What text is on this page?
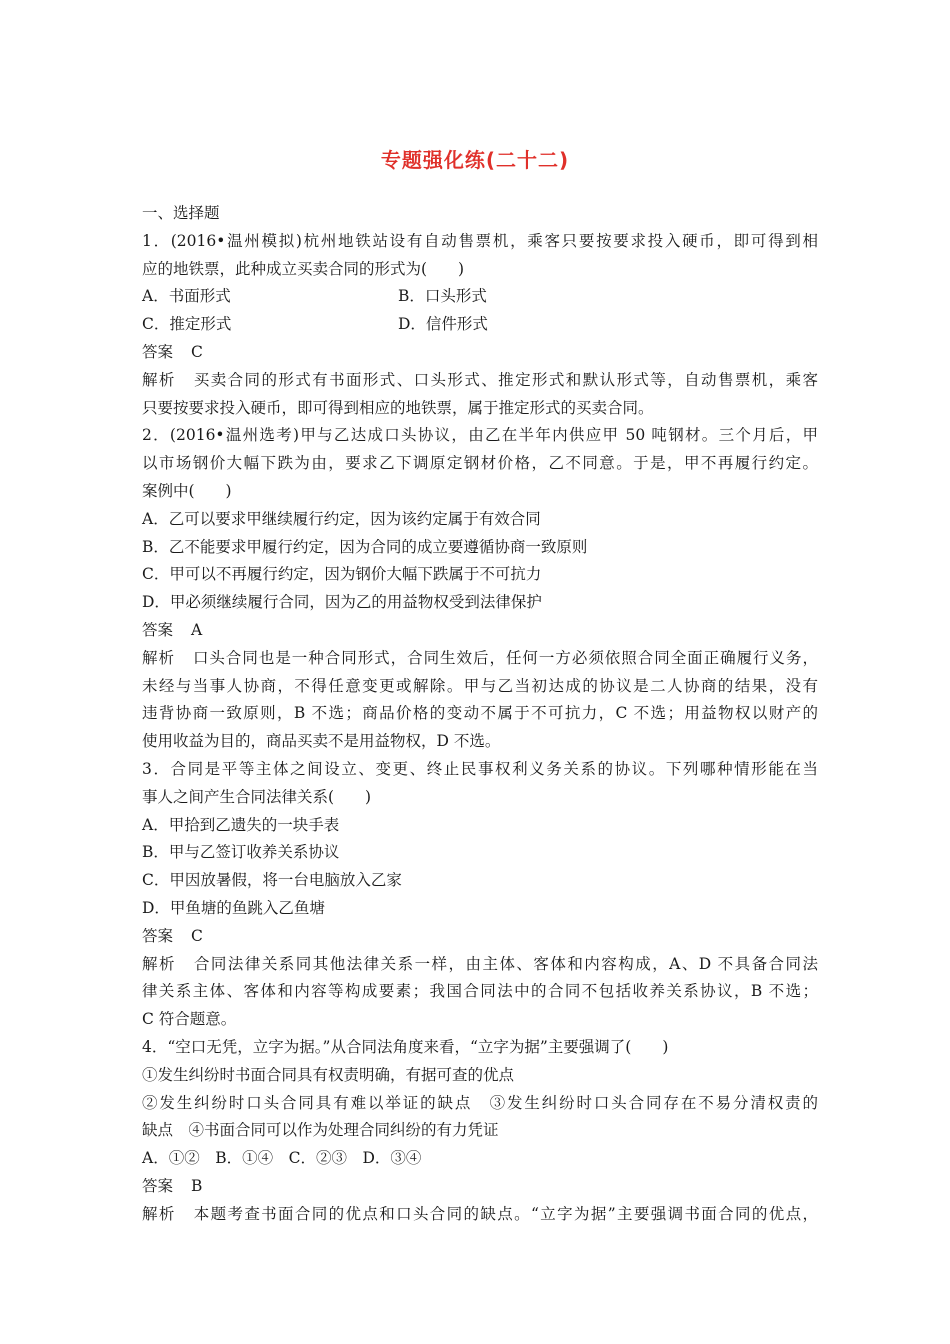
专题强化练(二十二)
一、选择题
1．(2016•温州模拟)杭州地铁站设有自动售票机，乘客只要按要求投入硬币，即可得到相
应的地铁票，此种成立买卖合同的形式为(　　)
A．书面形式	B．口头形式
C．推定形式	D．信件形式
答案 C
解析 买卖合同的形式有书面形式、口头形式、推定形式和默认形式等，自动售票机，乘客
只要按要求投入硬币，即可得到相应的地铁票，属于推定形式的买卖合同。
2．(2016•温州选考)甲与乙达成口头协议，由乙在半年内供应甲 50 吨钢材。三个月后，甲
以市场钢价大幅下跌为由，要求乙下调原定钢材价格，乙不同意。于是，甲不再履行约定。
案例中(　　)
A．乙可以要求甲继续履行约定，因为该约定属于有效合同
B．乙不能要求甲履行约定，因为合同的成立要遵循协商一致原则
C．甲可以不再履行约定，因为钢价大幅下跌属于不可抗力
D．甲必须继续履行合同，因为乙的用益物权受到法律保护
答案 A
解析 口头合同也是一种合同形式，合同生效后，任何一方必须依照合同全面正确履行义务，
未经与当事人协商，不得任意变更或解除。甲与乙当初达成的协议是二人协商的结果，没有
违背协商一致原则，B 不选；商品价格的变动不属于不可抗力，C 不选；用益物权以财产的
使用收益为目的，商品买卖不是用益物权，D 不选。
3．合同是平等主体之间设立、变更、终止民事权利义务关系的协议。下列哪种情形能在当
事人之间产生合同法律关系(　　)
A．甲拾到乙遗失的一块手表
B．甲与乙签订收养关系协议
C．甲因放暑假，将一台电脑放入乙家
D．甲鱼塘的鱼跳入乙鱼塘
答案 C
解析 合同法律关系同其他法律关系一样，由主体、客体和内容构成，A、D 不具备合同法
律关系主体、客体和内容等构成要素；我国合同法中的合同不包括收养关系协议，B 不选；
C 符合题意。
4．“空口无凭，立字为据。”从合同法角度来看，“立字为据”主要强调了(　　)
①发生纠纷时书面合同具有权责明确，有据可查的优点
②发生纠纷时口头合同具有难以举证的缺点　③发生纠纷时口头合同存在不易分清权责的
缺点　④书面合同可以作为处理合同纠纷的有力凭证
A．①②　B．①④　C．②③　D．③④
答案 B
解析 本题考查书面合同的优点和口头合同的缺点。“立字为据”主要强调书面合同的优点，
